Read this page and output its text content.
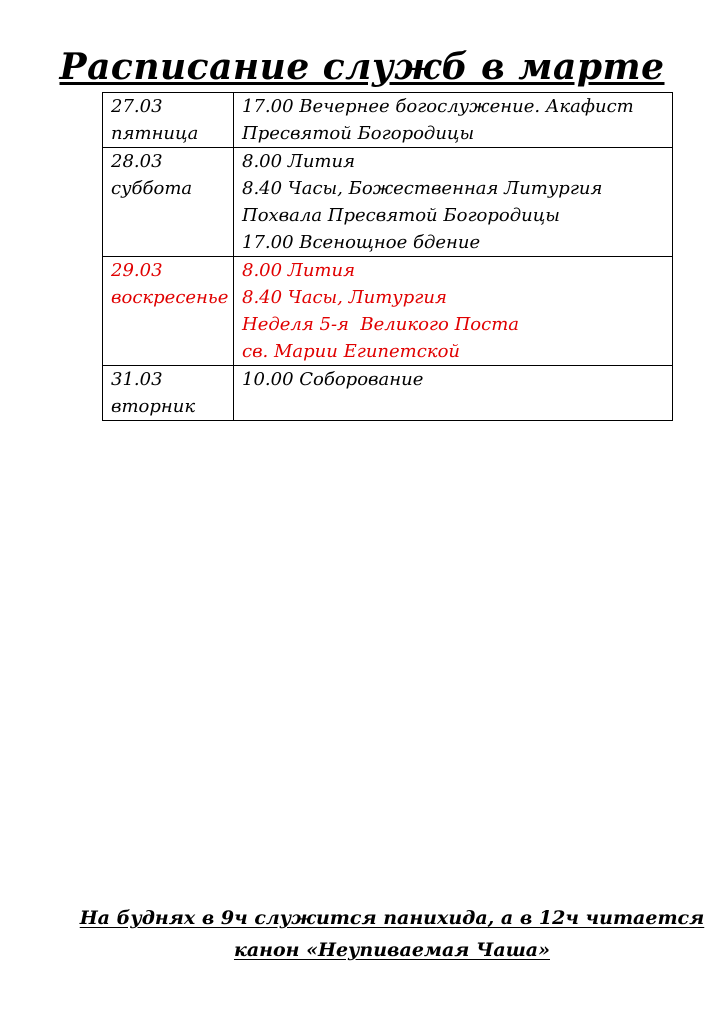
Расписание служб в марте
27.03
пятница	17.00 Вечернее богослужение. Акафист
Пресвятой Богородицы

28.03
суббота	8.00 Лития
8.40 Часы, Божественная Литургия
Похвала Пресвятой Богородицы
17.00 Всенощное бдение

29.03
воскресенье	8.00 Лития
8.40 Часы, Литургия
Неделя 5-я  Великого Поста
св. Марии Египетской

31.03
вторник	10.00 Соборование
На буднях в 9ч служится панихида, а в 12ч читается
канон «Неупиваемая Чаша»
